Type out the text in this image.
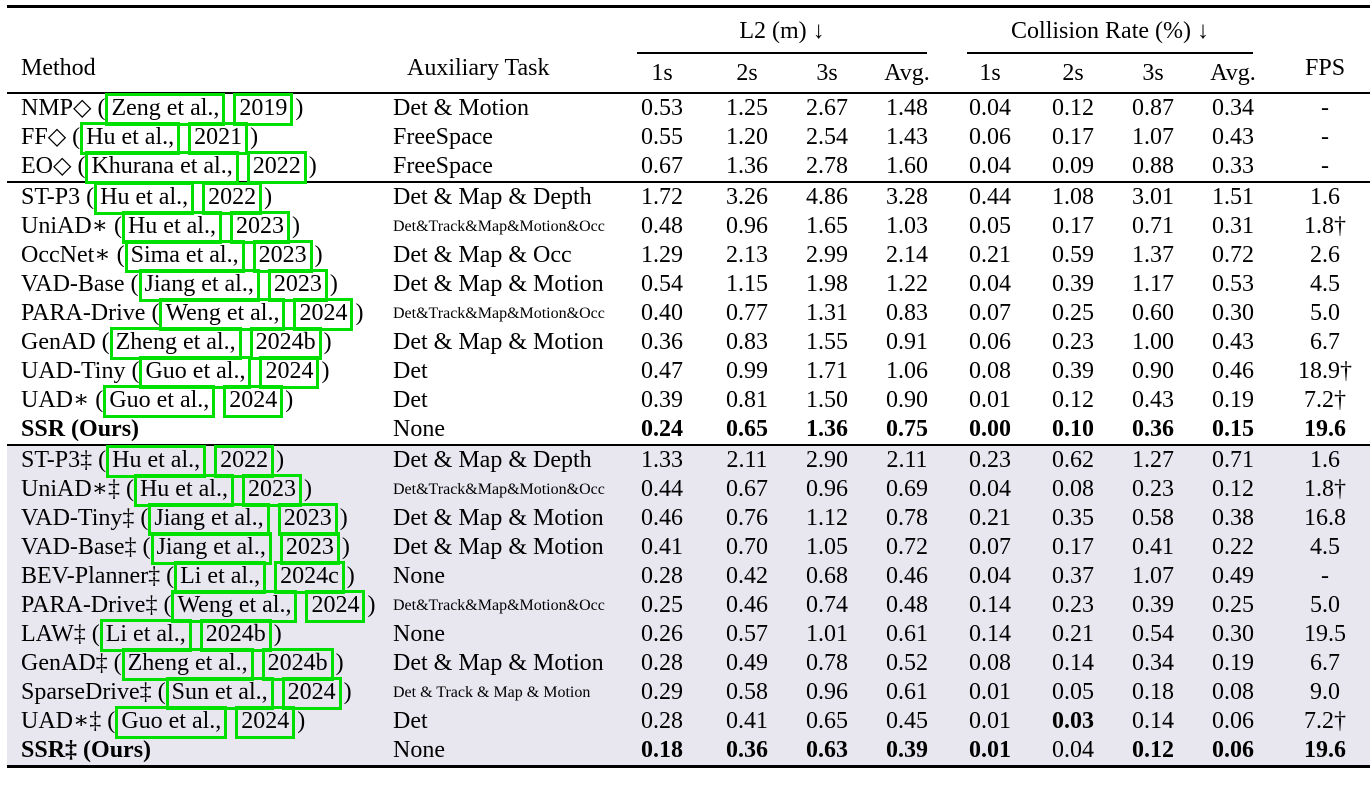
Method	Auxiliary Task	L2 (m) ↓				Collision Rate (%) ↓				FPS
		1s	2s	3s	Avg.	1s	2s	3s	Avg.	
NMP◇ ( Zeng et al., 2019 )	Det & Motion	0.53	1.25	2.67	1.48	0.04	0.12	0.87	0.34	-
FF◇ ( Hu et al., 2021 )	FreeSpace	0.55	1.20	2.54	1.43	0.06	0.17	1.07	0.43	-
EO◇ ( Khurana et al., 2022 )	FreeSpace	0.67	1.36	2.78	1.60	0.04	0.09	0.88	0.33	-
ST-P3 ( Hu et al., 2022 )	Det & Map & Depth	1.72	3.26	4.86	3.28	0.44	1.08	3.01	1.51	1.6
UniAD∗ ( Hu et al., 2023 )	Det&Track&Map&Motion&Occ	0.48	0.96	1.65	1.03	0.05	0.17	0.71	0.31	1.8†
OccNet∗ ( Sima et al., 2023 )	Det & Map & Occ	1.29	2.13	2.99	2.14	0.21	0.59	1.37	0.72	2.6
VAD-Base ( Jiang et al., 2023 )	Det & Map & Motion	0.54	1.15	1.98	1.22	0.04	0.39	1.17	0.53	4.5
PARA-Drive ( Weng et al., 2024 )	Det&Track&Map&Motion&Occ	0.40	0.77	1.31	0.83	0.07	0.25	0.60	0.30	5.0
GenAD ( Zheng et al., 2024b )	Det & Map & Motion	0.36	0.83	1.55	0.91	0.06	0.23	1.00	0.43	6.7
UAD-Tiny ( Guo et al., 2024 )	Det	0.47	0.99	1.71	1.06	0.08	0.39	0.90	0.46	18.9†
UAD∗ ( Guo et al., 2024 )	Det	0.39	0.81	1.50	0.90	0.01	0.12	0.43	0.19	7.2†
SSR (Ours)	None	0.24	0.65	1.36	0.75	0.00	0.10	0.36	0.15	19.6
ST-P3‡ ( Hu et al., 2022 )	Det & Map & Depth	1.33	2.11	2.90	2.11	0.23	0.62	1.27	0.71	1.6
UniAD∗‡ ( Hu et al., 2023 )	Det&Track&Map&Motion&Occ	0.44	0.67	0.96	0.69	0.04	0.08	0.23	0.12	1.8†
VAD-Tiny‡ ( Jiang et al., 2023 )	Det & Map & Motion	0.46	0.76	1.12	0.78	0.21	0.35	0.58	0.38	16.8
VAD-Base‡ ( Jiang et al., 2023 )	Det & Map & Motion	0.41	0.70	1.05	0.72	0.07	0.17	0.41	0.22	4.5
BEV-Planner‡ ( Li et al., 2024c )	None	0.28	0.42	0.68	0.46	0.04	0.37	1.07	0.49	-
PARA-Drive‡ ( Weng et al., 2024 )	Det&Track&Map&Motion&Occ	0.25	0.46	0.74	0.48	0.14	0.23	0.39	0.25	5.0
LAW‡ ( Li et al., 2024b )	None	0.26	0.57	1.01	0.61	0.14	0.21	0.54	0.30	19.5
GenAD‡ ( Zheng et al., 2024b )	Det & Map & Motion	0.28	0.49	0.78	0.52	0.08	0.14	0.34	0.19	6.7
SparseDrive‡ ( Sun et al., 2024 )	Det & Track & Map & Motion	0.29	0.58	0.96	0.61	0.01	0.05	0.18	0.08	9.0
UAD∗‡ ( Guo et al., 2024 )	Det	0.28	0.41	0.65	0.45	0.01	0.03	0.14	0.06	7.2†
SSR‡ (Ours)	None	0.18	0.36	0.63	0.39	0.01	0.04	0.12	0.06	19.6
